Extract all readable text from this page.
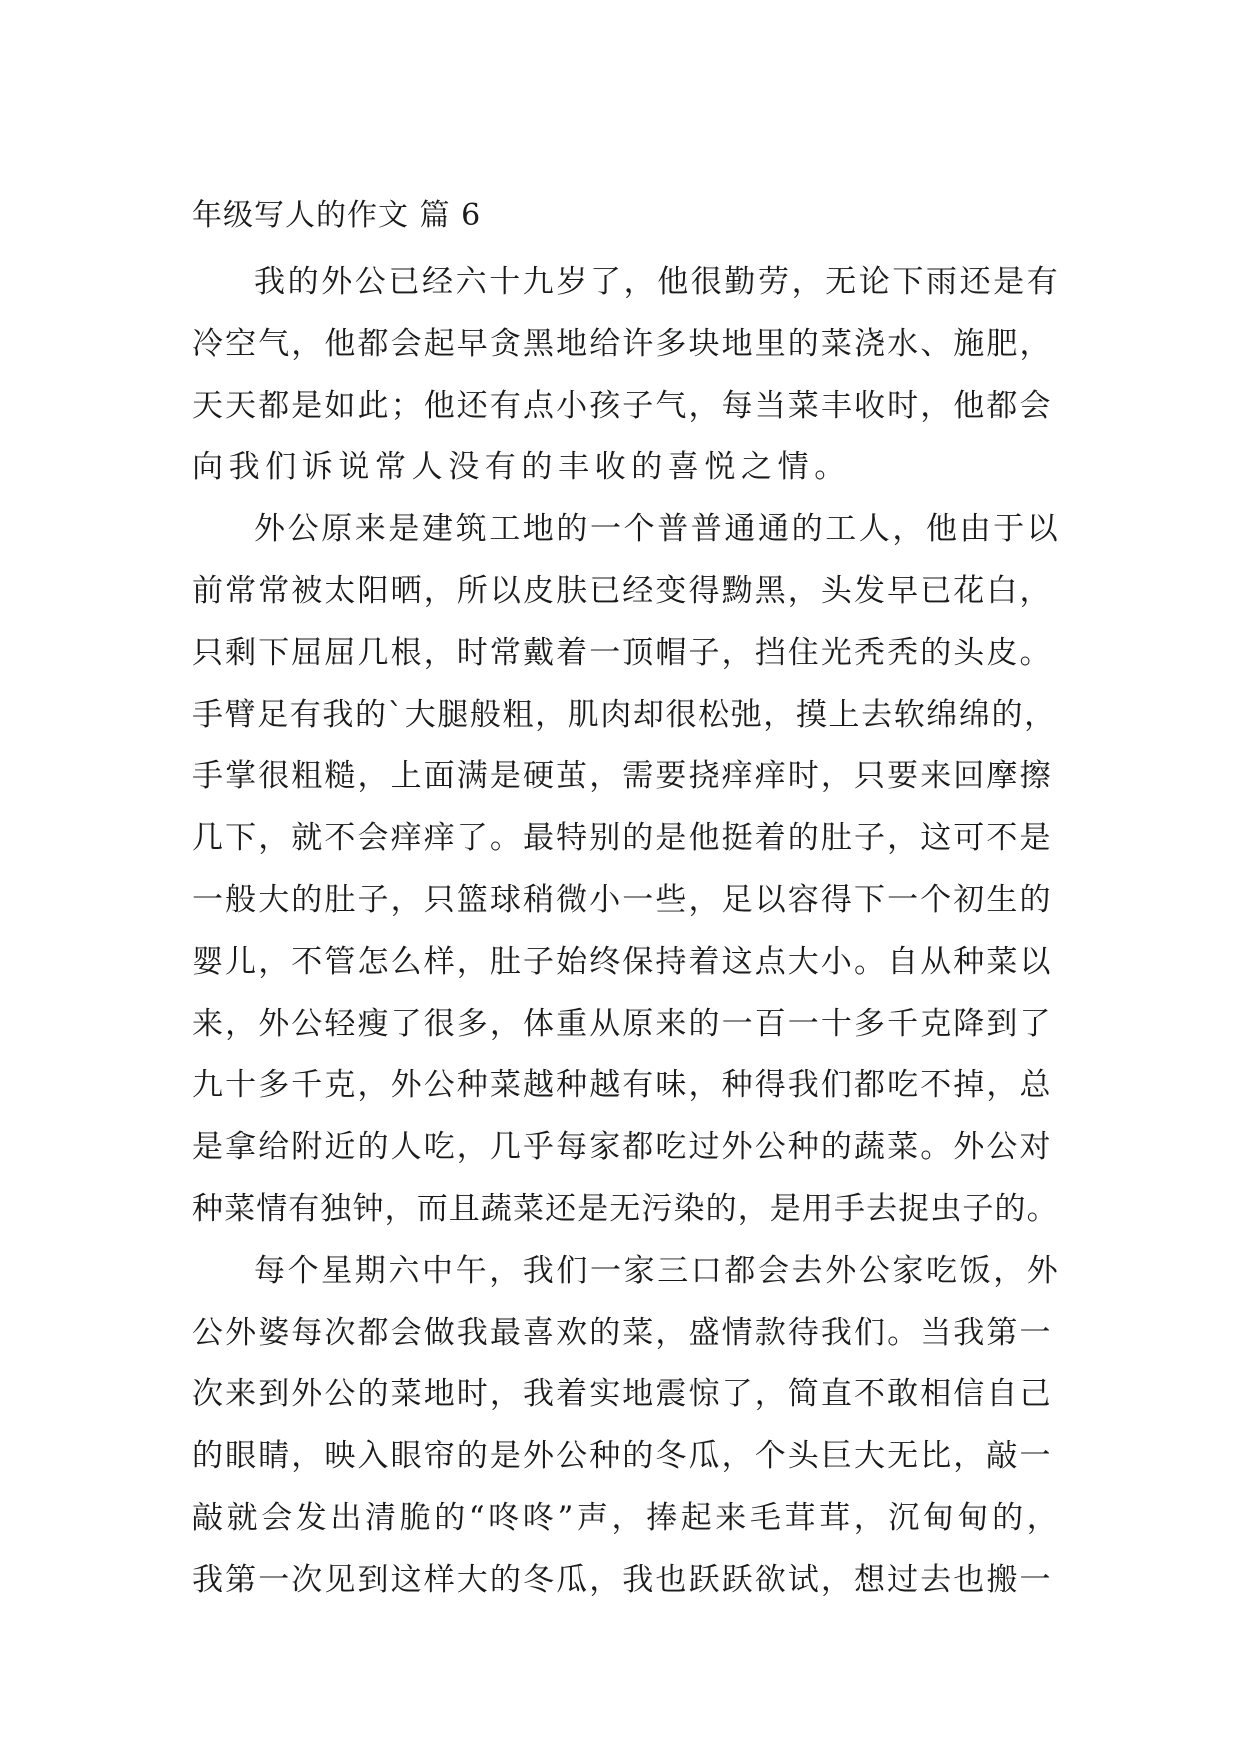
年级写人的作文 篇 6
我的外公已经六十九岁了，他很勤劳，无论下雨还是有
冷空气，他都会起早贪黑地给许多块地里的菜浇水、施肥，
天天都是如此；他还有点小孩子气，每当菜丰收时，他都会
向我们诉说常人没有的丰收的喜悦之情。
外公原来是建筑工地的一个普普通通的工人，他由于以
前常常被太阳晒，所以皮肤已经变得黝黑，头发早已花白，
只剩下屈屈几根，时常戴着一顶帽子，挡住光秃秃的头皮。
手臂足有我的`大腿般粗，肌肉却很松弛，摸上去软绵绵的，
手掌很粗糙，上面满是硬茧，需要挠痒痒时，只要来回摩擦
几下，就不会痒痒了。最特别的是他挺着的肚子，这可不是
一般大的肚子，只篮球稍微小一些，足以容得下一个初生的
婴儿，不管怎么样，肚子始终保持着这点大小。自从种菜以
来，外公轻瘦了很多，体重从原来的一百一十多千克降到了
九十多千克，外公种菜越种越有味，种得我们都吃不掉，总
是拿给附近的人吃，几乎每家都吃过外公种的蔬菜。外公对
种菜情有独钟，而且蔬菜还是无污染的，是用手去捉虫子的。
每个星期六中午，我们一家三口都会去外公家吃饭，外
公外婆每次都会做我最喜欢的菜，盛情款待我们。当我第一
次来到外公的菜地时，我着实地震惊了，简直不敢相信自己
的眼睛，映入眼帘的是外公种的冬瓜，个头巨大无比，敲一
敲就会发出清脆的“咚咚”声，捧起来毛茸茸，沉甸甸的，
我第一次见到这样大的冬瓜，我也跃跃欲试，想过去也搬一
